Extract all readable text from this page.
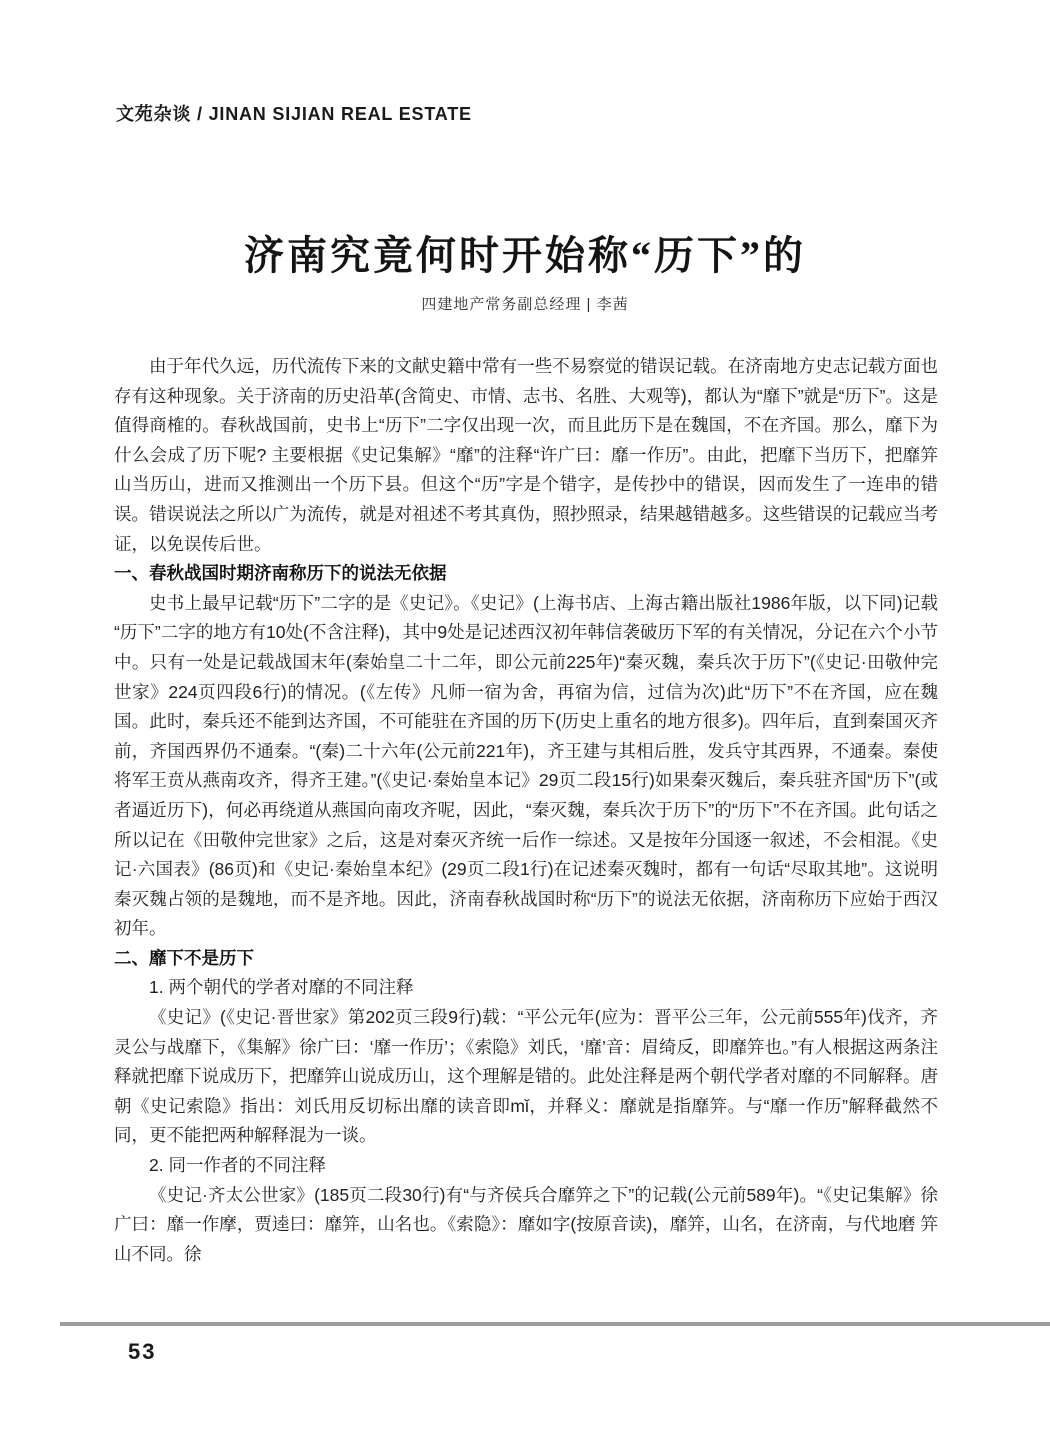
文苑杂谈 / JINAN SIJIAN REAL ESTATE
济南究竟何时开始称“历下”的
四建地产常务副总经理 | 李茜

由于年代久远，历代流传下来的文献史籍中常有一些不易察觉的错误记载。在济南地方史志记载方面也存有这种现象。关于济南的历史沿革(含简史、市情、志书、名胜、大观等)，都认为“靡下”就是“历下”。这是值得商榷的。春秋战国前，史书上“历下”二字仅出现一次，而且此历下是在魏国，不在齐国。那么，靡下为什么会成了历下呢? 主要根据《史记集解》“靡”的注释“许广曰：靡一作历”。由此，把靡下当历下，把靡笄山当历山，进而又推测出一个历下县。但这个“历”字是个错字，是传抄中的错误，因而发生了一连串的错误。错误说法之所以广为流传，就是对祖述不考其真伪，照抄照录，结果越错越多。这些错误的记载应当考证，以免误传后世。

一、春秋战国时期济南称历下的说法无依据

史书上最早记载“历下”二字的是《史记》。《史记》(上海书店、上海古籍出版社1986年版，以下同)记载“历下”二字的地方有10处(不含注释)，其中9处是记述西汉初年韩信袭破历下军的有关情况，分记在六个小节中。只有一处是记载战国末年(秦始皇二十二年，即公元前225年)“秦灭魏，秦兵次于历下”(《史记·田敬仲完世家》224页四段6行)的情况。(《左传》凡师一宿为舍，再宿为信，过信为次)此“历下”不在齐国，应在魏国。此时，秦兵还不能到达齐国，不可能驻在齐国的历下(历史上重名的地方很多)。四年后，直到秦国灭齐前，齐国西界仍不通秦。“(秦)二十六年(公元前221年)，齐王建与其相后胜，发兵守其西界，不通秦。秦使将军王贲从燕南攻齐，得齐王建。”(《史记·秦始皇本记》29页二段15行)如果秦灭魏后，秦兵驻齐国“历下”(或者逼近历下)，何必再绕道从燕国向南攻齐呢，因此，“秦灭魏，秦兵次于历下”的“历下”不在齐国。此句话之所以记在《田敬仲完世家》之后，这是对秦灭齐统一后作一综述。又是按年分国逐一叙述，不会相混。《史记·六国表》(86页)和《史记·秦始皇本纪》(29页二段1行)在记述秦灭魏时，都有一句话“尽取其地”。这说明秦灭魏占领的是魏地，而不是齐地。因此，济南春秋战国时称“历下”的说法无依据，济南称历下应始于西汉初年。

二、靡下不是历下

1. 两个朝代的学者对靡的不同注释

《史记》(《史记·晋世家》第202页三段9行)载：“平公元年(应为：晋平公三年，公元前555年)伐齐，齐灵公与战靡下，《集解》徐广曰：‘靡一作历’；《索隐》刘氏，‘靡’音：眉绮反，即靡笄也。”有人根据这两条注释就把靡下说成历下，把靡笄山说成历山，这个理解是错的。此处注释是两个朝代学者对靡的不同解释。唐朝《史记索隐》指出：刘氏用反切标出靡的读音即mǐ，并释义：靡就是指靡笄。与“靡一作历”解释截然不同，更不能把两种解释混为一谈。

2. 同一作者的不同注释

《史记·齐太公世家》(185页二段30行)有“与齐侯兵合靡笄之下”的记载(公元前589年)。“《史记集解》徐广曰：靡一作摩，贾逵曰：靡笄，山名也。《索隐》：靡如字(按原音读)，靡笄，山名，在济南，与代地磨 笄山不同。徐

53
